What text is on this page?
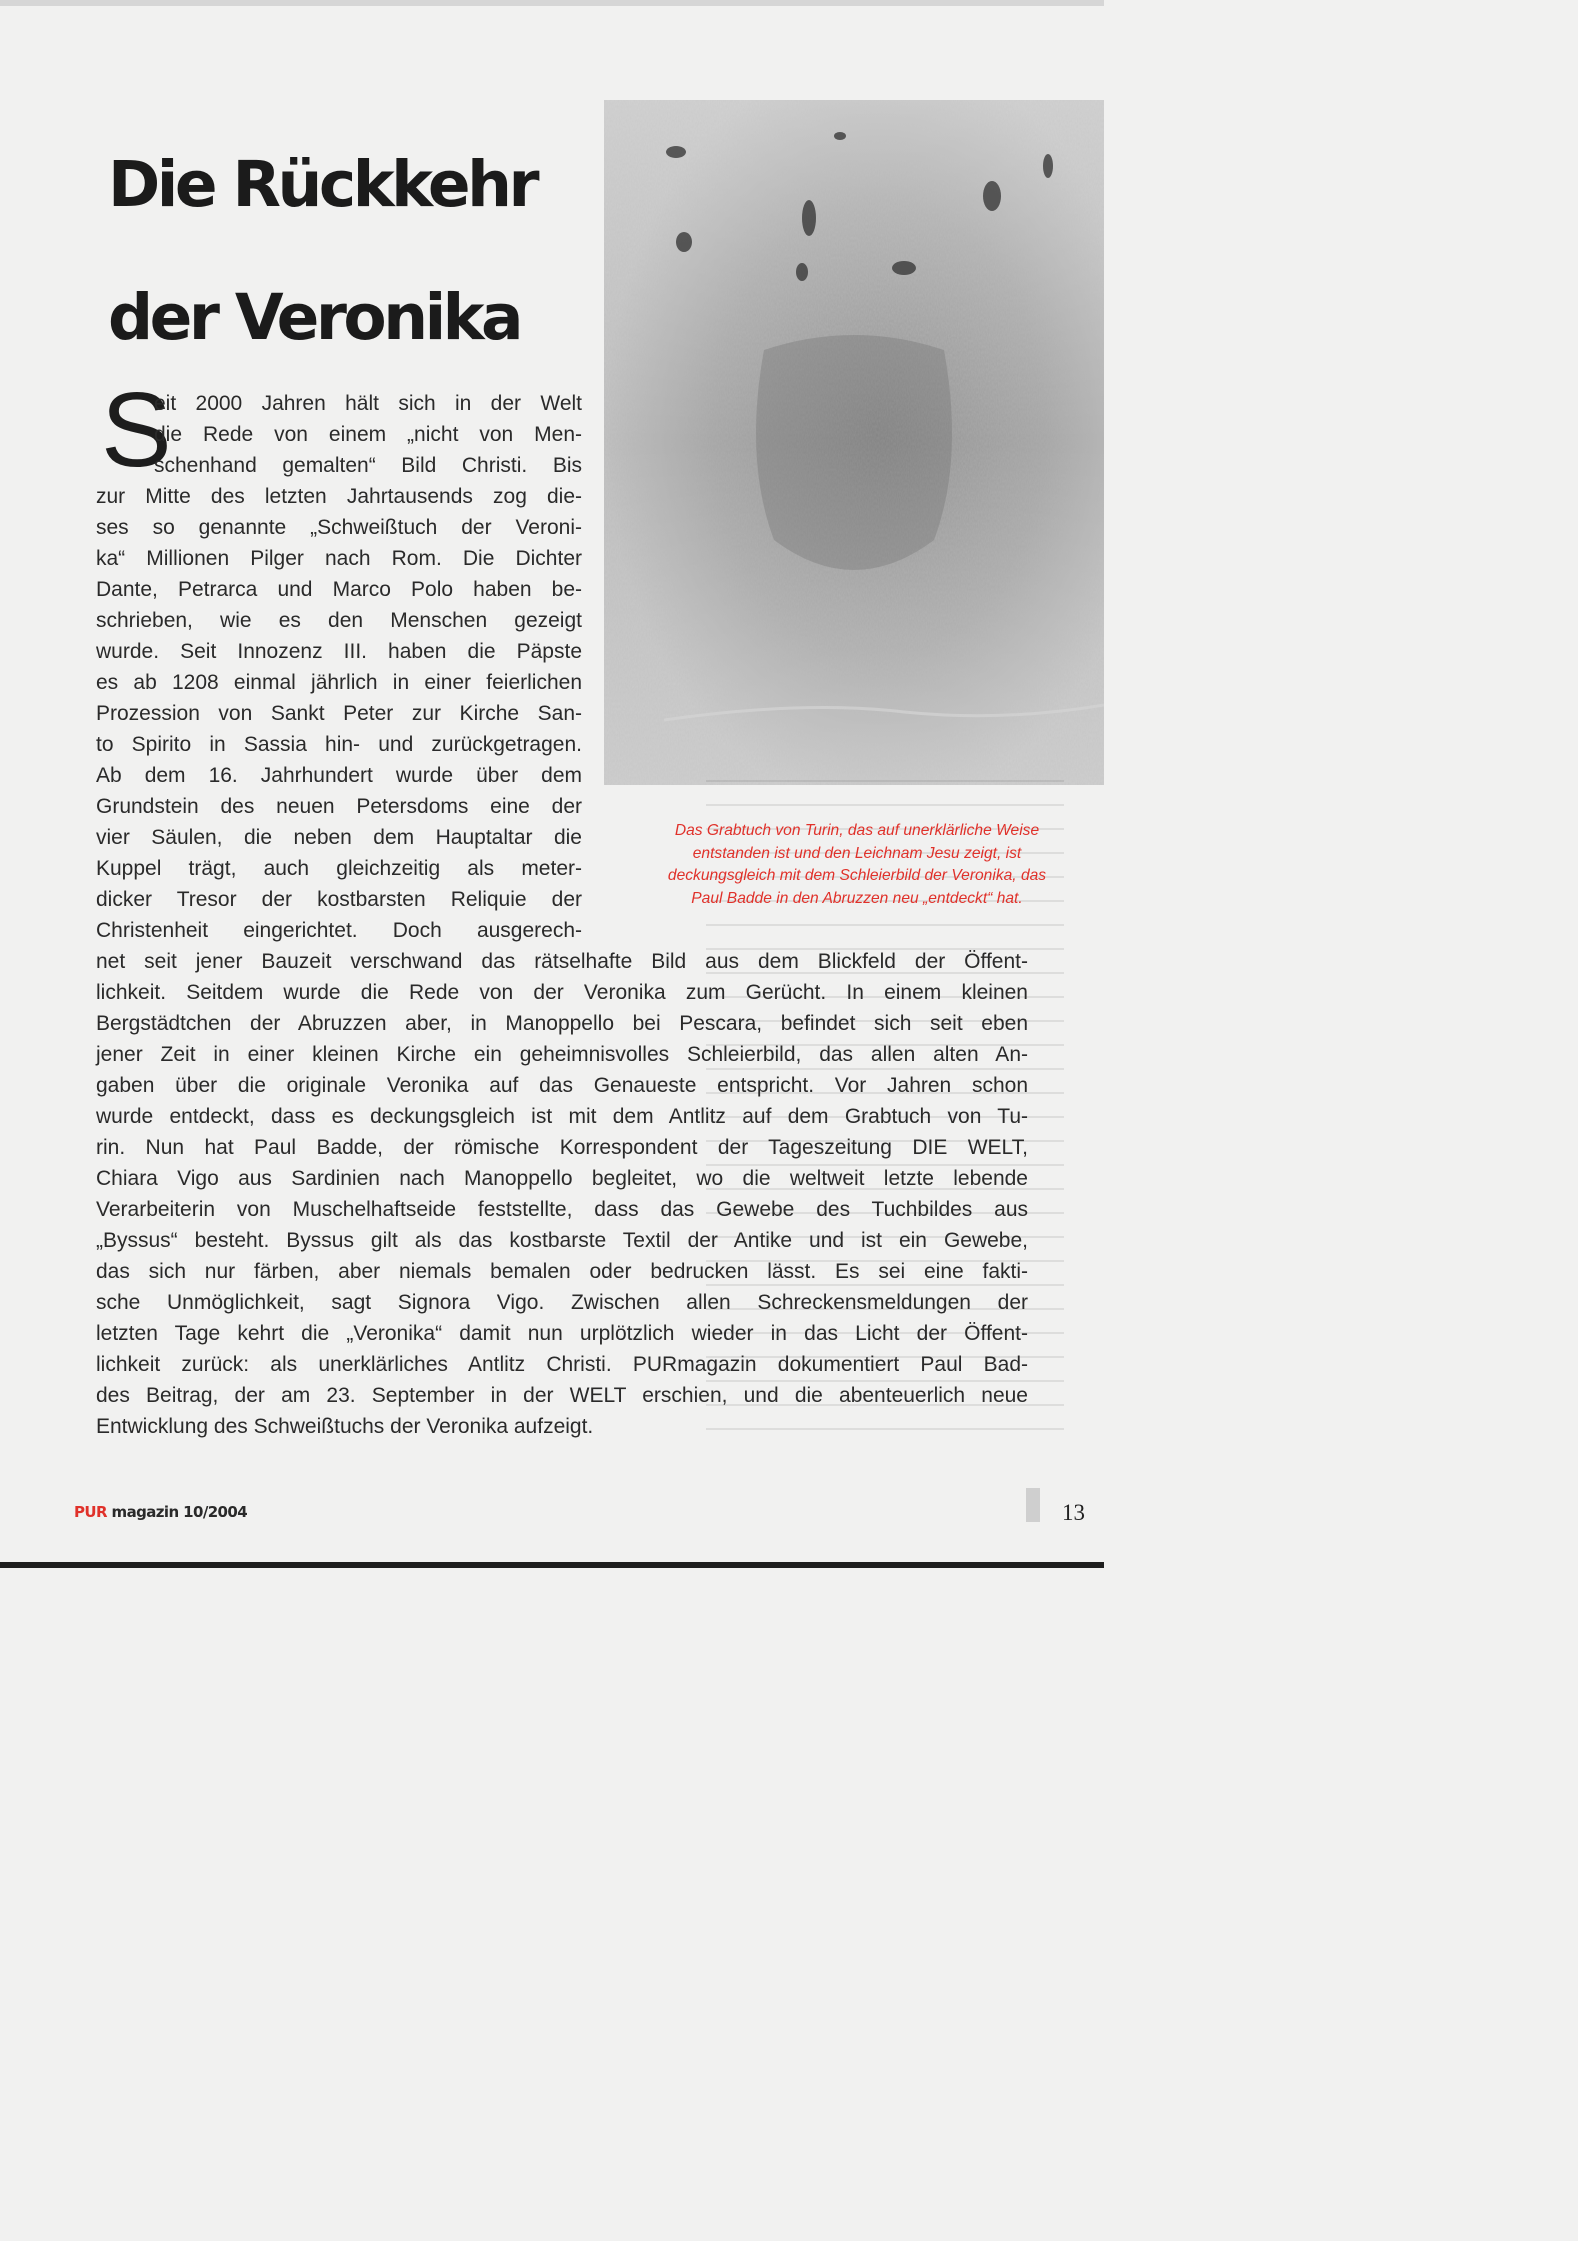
Die Rückkehr
der Veronika

Das Grabtuch von Turin, das auf unerklärliche Weise
entstanden ist und den Leichnam Jesu zeigt, ist
deckungsgleich mit dem Schleierbild der Veronika, das
Paul Badde in den Abruzzen neu „entdeckt“ hat.

S

eit 2000 Jahren hält sich in der Welt
die Rede von einem „nicht von Men-
schenhand gemalten“ Bild Christi. Bis
zur Mitte des letzten Jahrtausends zog die-
ses so genannte „Schweißtuch der Veroni-
ka“ Millionen Pilger nach Rom. Die Dichter
Dante, Petrarca und Marco Polo haben be-
schrieben, wie es den Menschen gezeigt
wurde. Seit Innozenz III. haben die Päpste
es ab 1208 einmal jährlich in einer feierlichen
Prozession von Sankt Peter zur Kirche San-
to Spirito in Sassia hin- und zurückgetragen.
Ab dem 16. Jahrhundert wurde über dem
Grundstein des neuen Petersdoms eine der
vier Säulen, die neben dem Hauptaltar die
Kuppel trägt, auch gleichzeitig als meter-
dicker Tresor der kostbarsten Reliquie der
Christenheit eingerichtet. Doch ausgerech-
net seit jener Bauzeit verschwand das rätselhafte Bild aus dem Blickfeld der Öffent-
lichkeit. Seitdem wurde die Rede von der Veronika zum Gerücht. In einem kleinen
Bergstädtchen der Abruzzen aber, in Manoppello bei Pescara, befindet sich seit eben
jener Zeit in einer kleinen Kirche ein geheimnisvolles Schleierbild, das allen alten An-
gaben über die originale Veronika auf das Genaueste entspricht. Vor Jahren schon
wurde entdeckt, dass es deckungsgleich ist mit dem Antlitz auf dem Grabtuch von Tu-
rin. Nun hat Paul Badde, der römische Korrespondent der Tageszeitung DIE WELT,
Chiara Vigo aus Sardinien nach Manoppello begleitet, wo die weltweit letzte lebende
Verarbeiterin von Muschelhaftseide feststellte, dass das Gewebe des Tuchbildes aus
„Byssus“ besteht. Byssus gilt als das kostbarste Textil der Antike und ist ein Gewebe,
das sich nur färben, aber niemals bemalen oder bedrucken lässt. Es sei eine fakti-
sche Unmöglichkeit, sagt Signora Vigo. Zwischen allen Schreckensmeldungen der
letzten Tage kehrt die „Veronika“ damit nun urplötzlich wieder in das Licht der Öffent-
lichkeit zurück: als unerklärliches Antlitz Christi. PURmagazin dokumentiert Paul Bad-
des Beitrag, der am 23. September in der WELT erschien, und die abenteuerlich neue
Entwicklung des Schweißtuchs der Veronika aufzeigt.

PUR magazin 10/2004	13
